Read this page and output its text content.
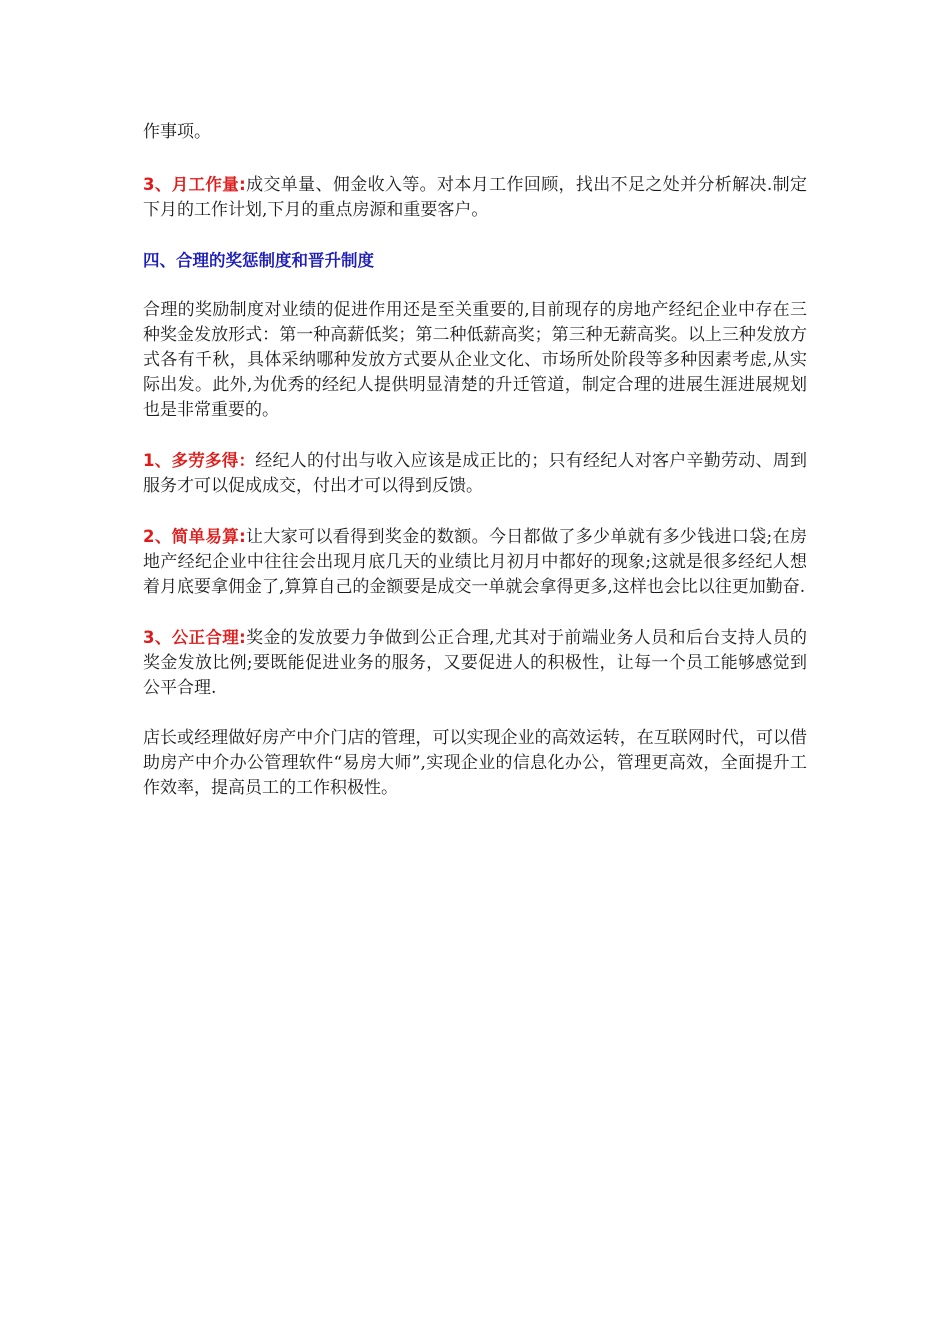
作事项。

3、月工作量:成交单量、佣金收入等。对本月工作回顾，找出不足之处并分析解决.制定下月的工作计划,下月的重点房源和重要客户。

四、合理的奖惩制度和晋升制度

合理的奖励制度对业绩的促进作用还是至关重要的,目前现存的房地产经纪企业中存在三种奖金发放形式：第一种高薪低奖；第二种低薪高奖；第三种无薪高奖。以上三种发放方式各有千秋，具体采纳哪种发放方式要从企业文化、市场所处阶段等多种因素考虑,从实际出发。此外,为优秀的经纪人提供明显清楚的升迁管道，制定合理的进展生涯进展规划也是非常重要的。

1、多劳多得：经纪人的付出与收入应该是成正比的；只有经纪人对客户辛勤劳动、周到服务才可以促成成交，付出才可以得到反馈。

2、简单易算:让大家可以看得到奖金的数额。今日都做了多少单就有多少钱进口袋;在房地产经纪企业中往往会出现月底几天的业绩比月初月中都好的现象;这就是很多经纪人想着月底要拿佣金了,算算自己的金额要是成交一单就会拿得更多,这样也会比以往更加勤奋.

3、公正合理:奖金的发放要力争做到公正合理,尤其对于前端业务人员和后台支持人员的奖金发放比例;要既能促进业务的服务，又要促进人的积极性，让每一个员工能够感觉到公平合理.

店长或经理做好房产中介门店的管理，可以实现企业的高效运转，在互联网时代，可以借助房产中介办公管理软件“易房大师”,实现企业的信息化办公，管理更高效，全面提升工作效率，提高员工的工作积极性。
